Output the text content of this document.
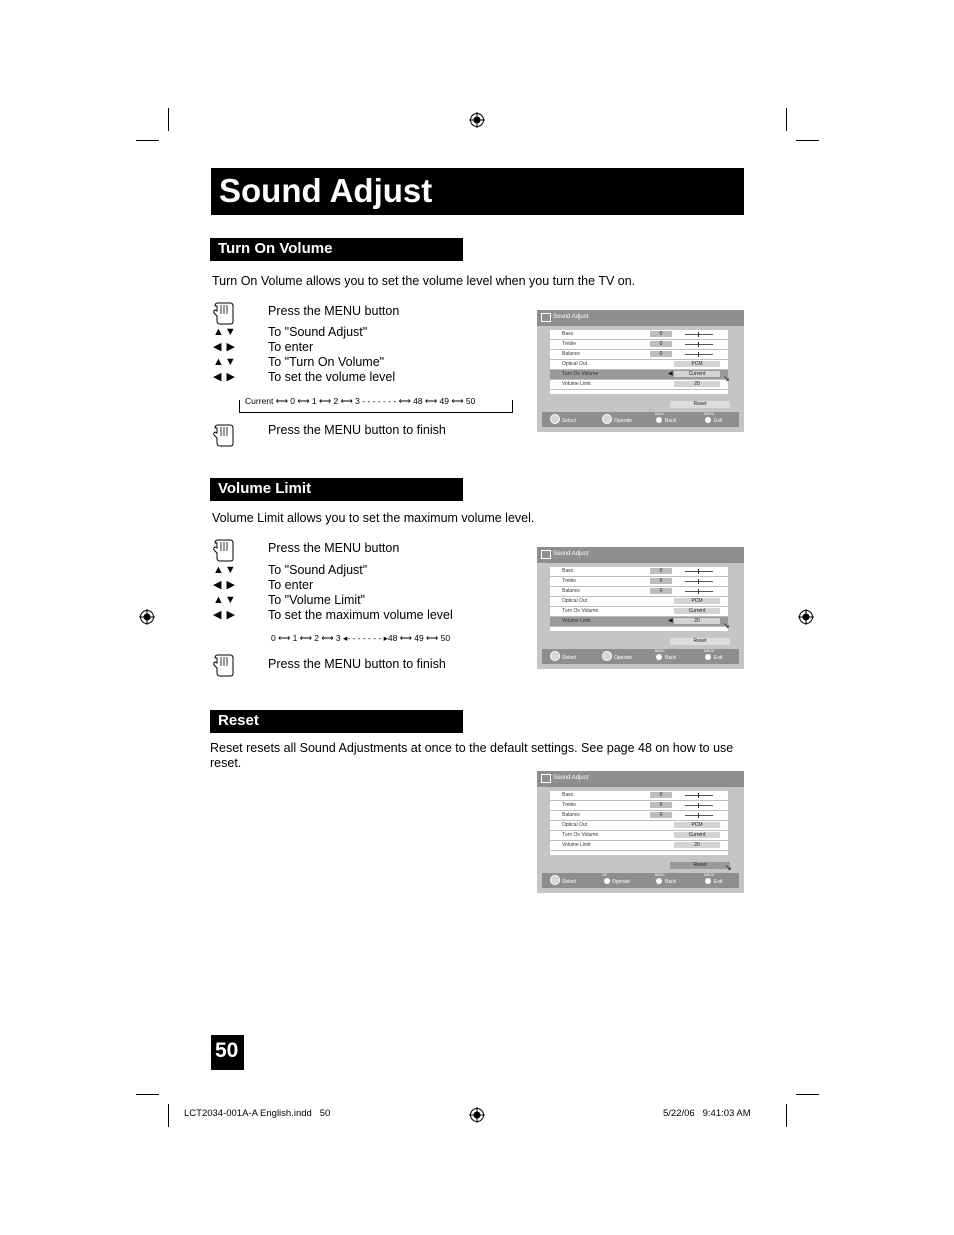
Sound Adjust
Turn On Volume
Turn On Volume allows you to set the volume level when you turn the TV on.
Press the MENU button
▲▼ To "Sound Adjust"
◀ ▶	To enter
▲▼ To "Turn On Volume"
◀ ▶	To set the volume level
Current ⟷ 0 ⟷ 1 ⟷ 2 ⟷ 3 - - - - - - - ⟷ 48 ⟷ 49 ⟷ 50
Press the MENU button to finish
Sound Adjust
Bass	0
Treble	0
Balance	0
Optical Out	PCM
Turn On Volume	◀	Current
Volume Limit	20
↘
Reset
Select	Operate
BACK
Back
MENU
Exit
Volume Limit
Volume Limit allows you to set the maximum volume level.
Press the MENU button
▲▼ To "Sound Adjust"
◀ ▶	To enter
▲▼ To "Volume Limit"
◀ ▶	To set the maximum volume level
0 ⟷ 1 ⟷ 2 ⟷ 3 ◂- - - - - - - ▸48 ⟷ 49 ⟷ 50
Press the MENU button to finish
Sound Adjust
Bass	0
Treble	0
Balance	0
Optical Out	PCM
Turn On Volume	Current
Volume Limit	◀	20	↘
Reset
Select	Operate
BACK
Back
MENU
Exit
Reset
Reset resets all Sound Adjustments at once to the default settings. See page 48 on how to use reset.
Sound Adjust
Bass	0
Treble	0
Balance	0
Optical Out	PCM
Turn On Volume	Current
Volume Limit	20
Reset	↘
Select
OK
Operate
BACK
Back
MENU
Exit
50
LCT2034-001A-A English.indd   50	5/22/06   9:41:03 AM
